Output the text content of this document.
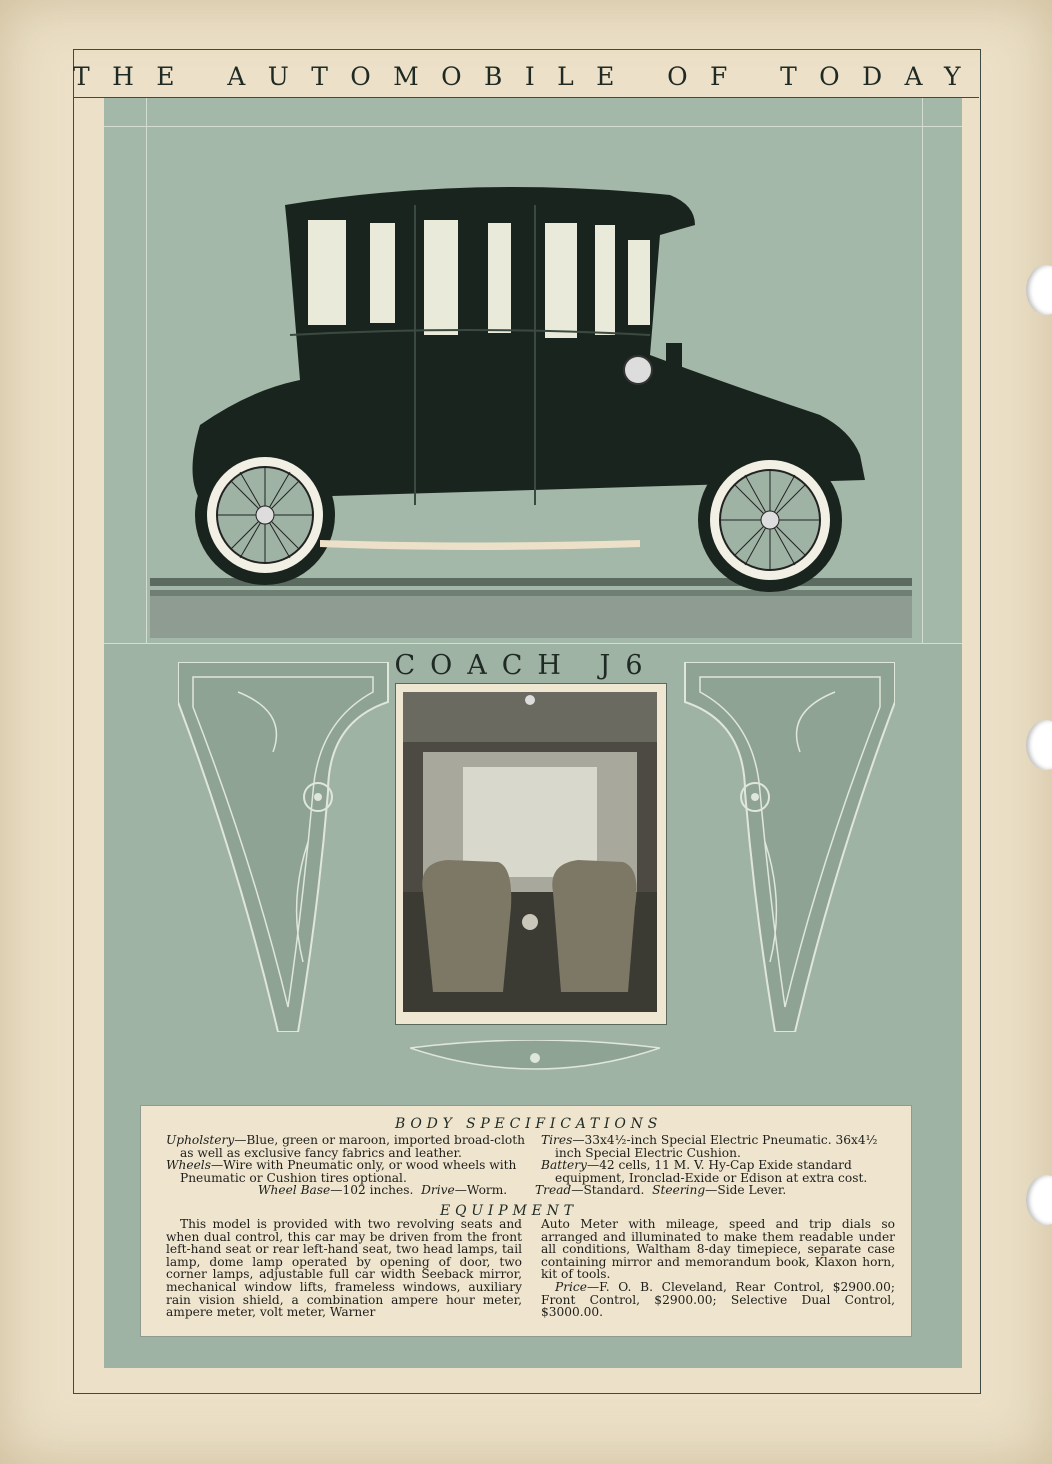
THE AUTOMOBILE OF TODAY
COACH J6
BODY SPECIFICATIONS

Upholstery—Blue, green or maroon, imported broad-cloth as well as exclusive fancy fabrics and leather.

Wheels—Wire with Pneumatic only, or wood wheels with Pneumatic or Cushion tires optional.

Wheel Base—102 inches. Drive—Worm.

Tires—33x4½-inch Special Electric Pneumatic. 36x4½ inch Special Electric Cushion.

Battery—42 cells, 11 M. V. Hy-Cap Exide standard equipment, Ironclad-Exide or Edison at extra cost.

Tread—Standard. Steering—Side Lever.

EQUIPMENT

This model is provided with two revolving seats and when dual control, this car may be driven from the front left-hand seat or rear left-hand seat, two head lamps, tail lamp, dome lamp operated by opening of door, two corner lamps, adjustable full car width Seeback mirror, mechanical window lifts, frameless windows, auxiliary rain vision shield, a combination ampere hour meter, ampere meter, volt meter, Warner

Auto Meter with mileage, speed and trip dials so arranged and illuminated to make them readable under all conditions, Waltham 8-day timepiece, separate case containing mirror and memorandum book, Klaxon horn, kit of tools.

Price—F. O. B. Cleveland, Rear Control, $2900.00; Front Control, $2900.00; Selective Dual Control, $3000.00.
